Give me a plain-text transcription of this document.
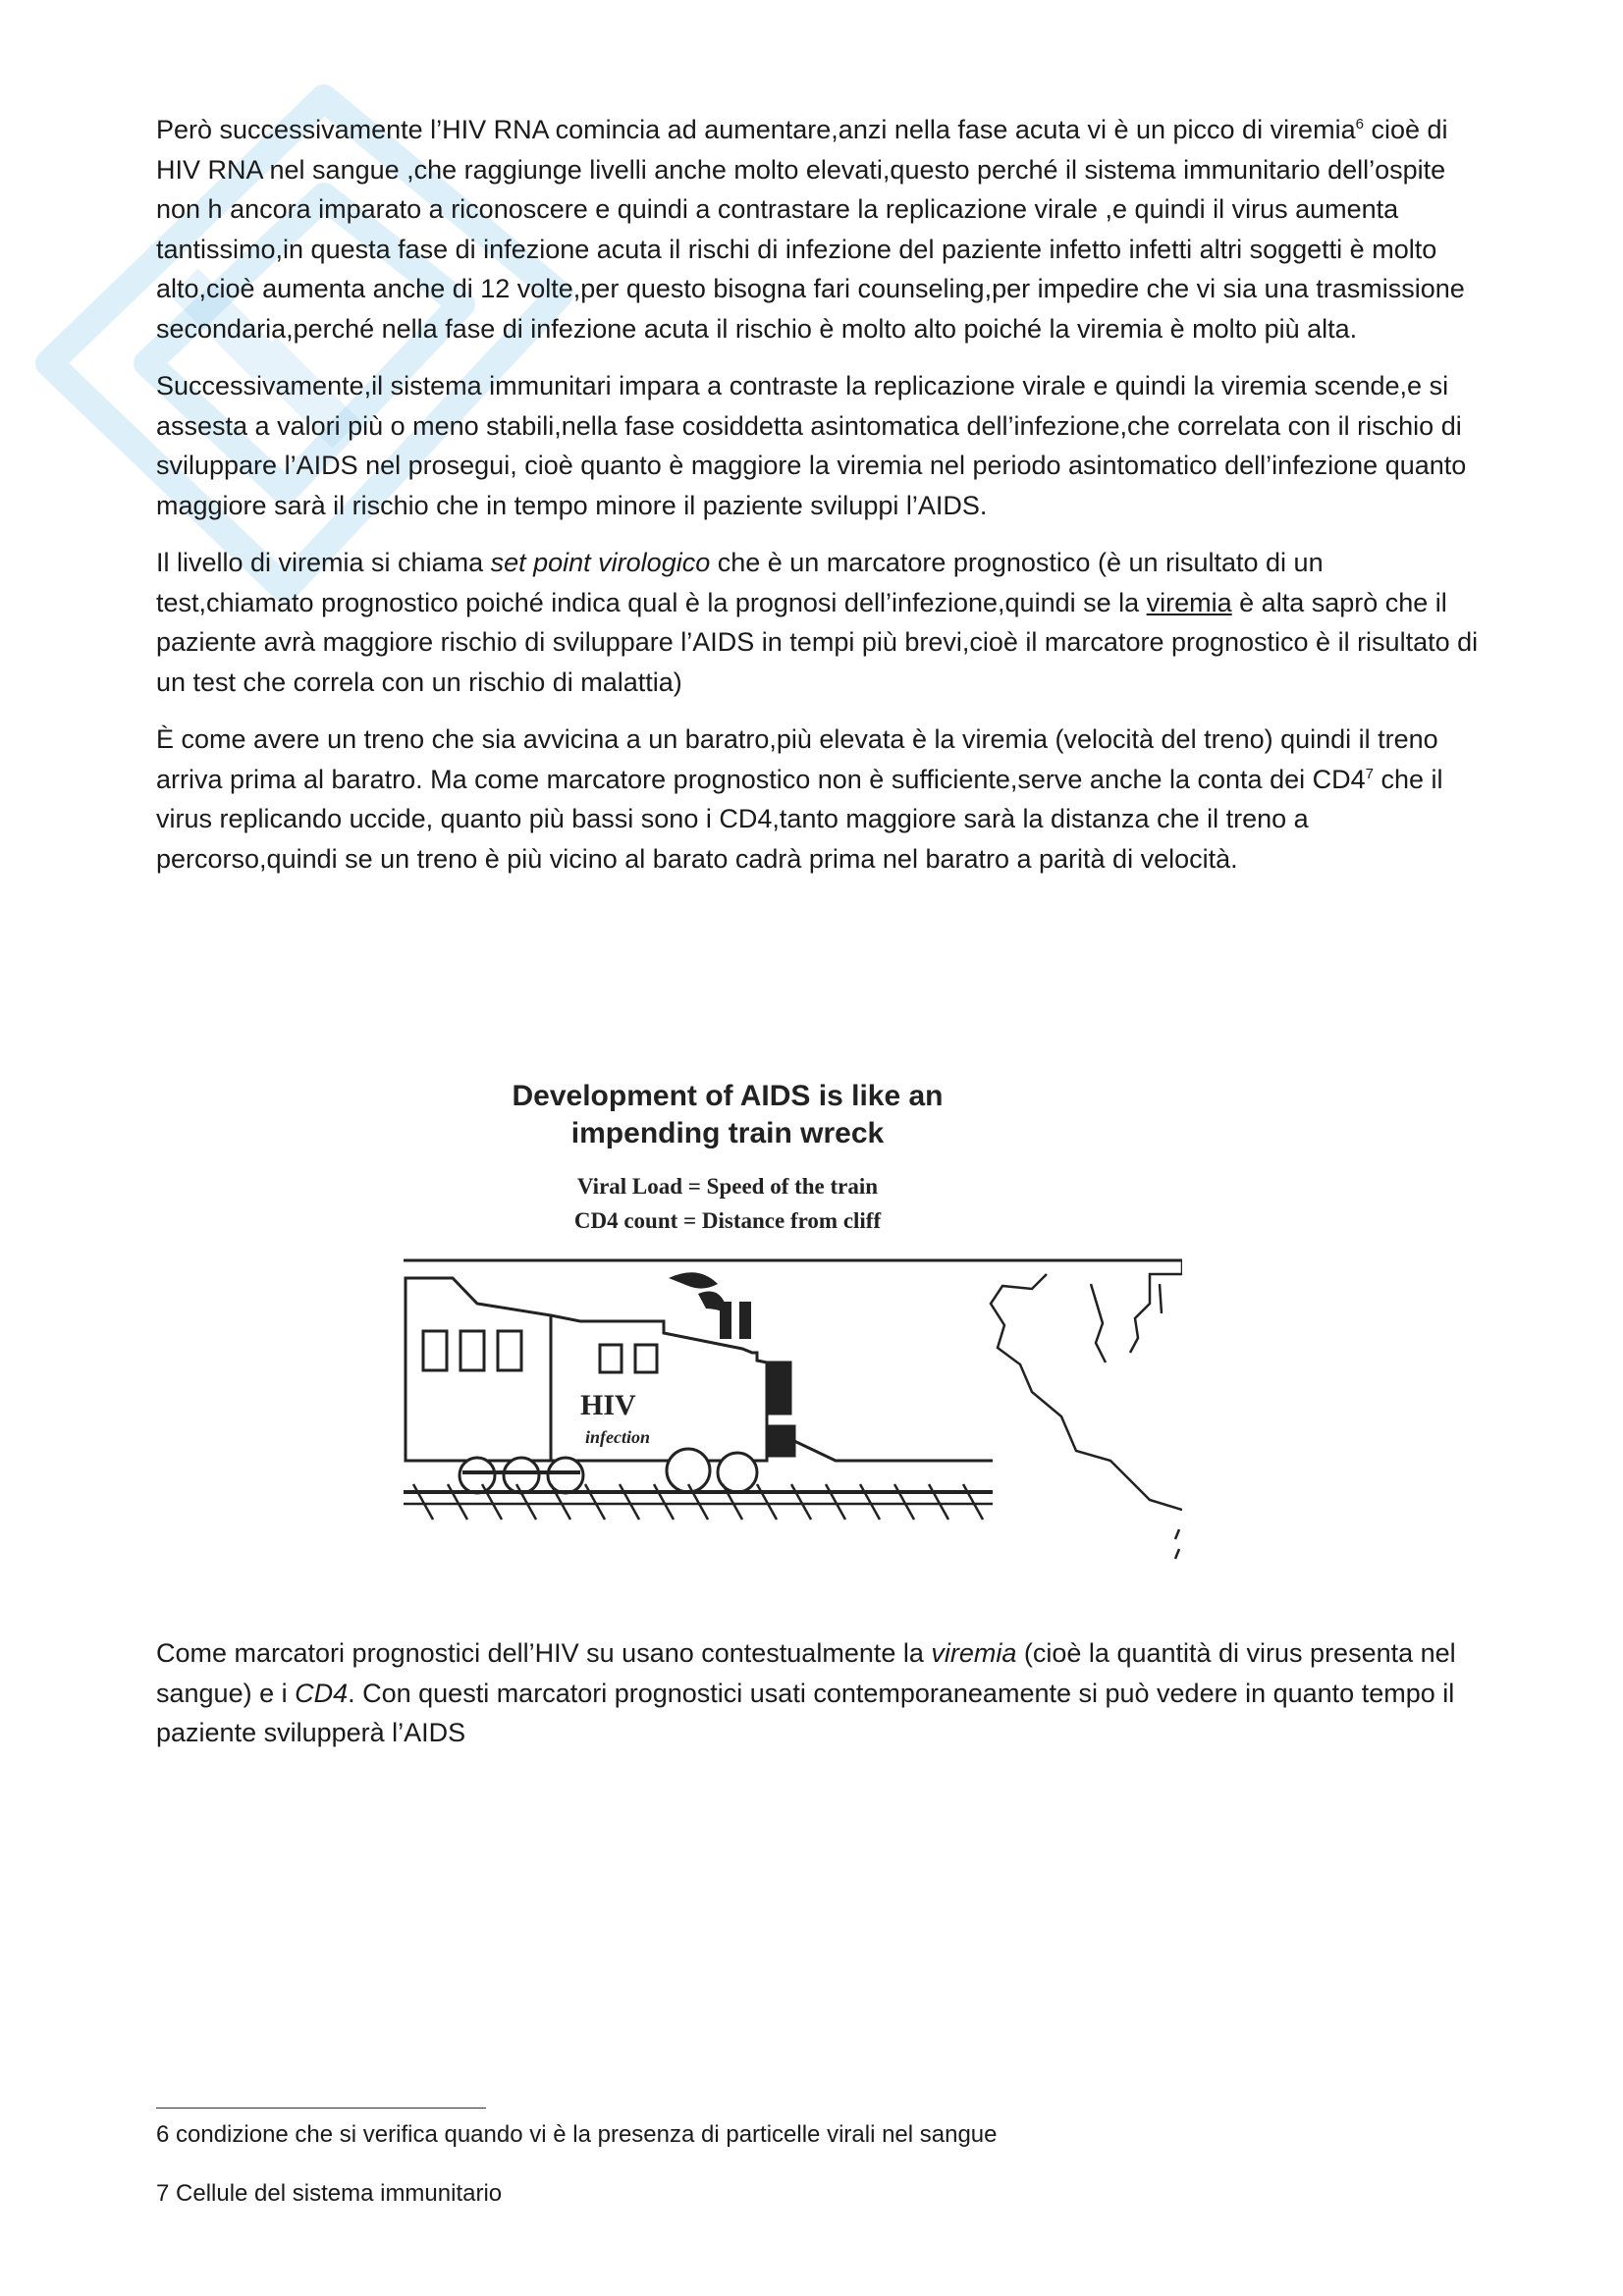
Però successivamente l’HIV RNA comincia ad aumentare,anzi nella fase acuta vi è un picco di viremia$^6$ cioè di HIV RNA nel sangue ,che raggiunge livelli anche molto elevati,questo perché il sistema immunitario dell’ospite non h ancora imparato a riconoscere e quindi a contrastare la replicazione virale ,e quindi il virus aumenta tantissimo,in questa fase di infezione acuta il rischi di infezione del paziente infetto infetti altri soggetti è molto alto,cioè aumenta anche di 12 volte,per questo bisogna fari counseling,per impedire che vi sia una trasmissione secondaria,perché nella fase di infezione acuta il rischio è molto alto poiché la viremia è molto più alta.

Successivamente,il sistema immunitari impara a contraste la replicazione virale e quindi la viremia scende,e si assesta a valori più o meno stabili,nella fase cosiddetta asintomatica dell’infezione,che correlata con il rischio di sviluppare l’AIDS nel prosegui, cioè quanto è maggiore la viremia nel periodo asintomatico dell’infezione quanto maggiore sarà il rischio che in tempo minore il paziente sviluppi l’AIDS.

Il livello di viremia si chiama set point virologico che è un marcatore prognostico (è un risultato di un test,chiamato prognostico poiché indica qual è la prognosi dell’infezione,quindi se la viremia è alta saprò che il paziente avrà maggiore rischio di sviluppare l’AIDS in tempi più brevi,cioè il marcatore prognostico è il risultato di un test che correla con un rischio di malattia)

È come avere un treno che sia avvicina a un baratro,più elevata è la viremia (velocità del treno) quindi il treno arriva prima al baratro. Ma come marcatore prognostico non è sufficiente,serve anche la conta dei $CD4^7$ che il virus replicando uccide, quanto più bassi sono i CD4,tanto maggiore sarà la distanza che il treno a percorso,quindi se un treno è più vicino al barato cadrà prima nel baratro a parità di velocità.

Development of AIDS is like an
impending train wreck
Viral Load = Speed of the train
CD4 count = Distance from cliff
HIV
infection

Come marcatori prognostici dell’HIV su usano contestualmente la viremia (cioè la quantità di virus presenta nel sangue) e i CD4. Con questi marcatori prognostici usati contemporaneamente si può vedere in quanto tempo il paziente svilupperà l’AIDS

6 condizione che si verifica quando vi è la presenza di particelle virali nel sangue
7 Cellule del sistema immunitario
